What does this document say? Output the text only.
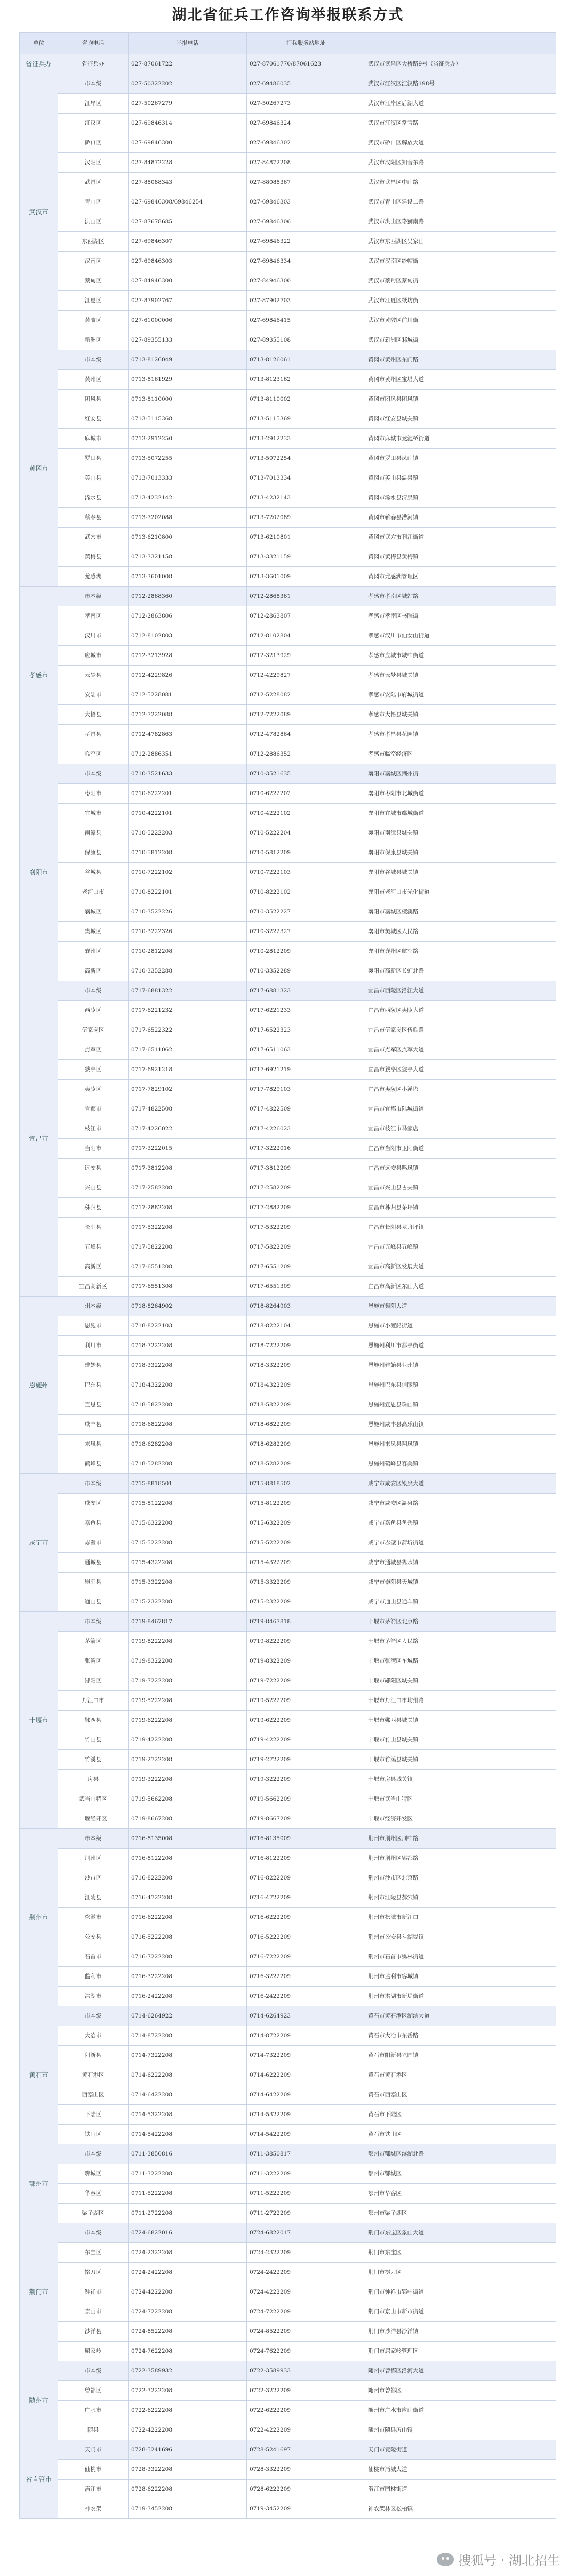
湖北省征兵工作咨询举报联系方式
单位	咨询电话	举报电话	征兵服务站地址	
省征兵办	省征兵办	027-87061722	027-87061770/87061623	武汉市武昌区大桥路9号（省征兵办）
武汉市	市本级	027-50322202	027-69486035	武汉市江汉区江汉路198号
	江岸区	027-50267279	027-50267273	武汉市江岸区后湖大道
	江汉区	027-69846314	027-69846324	武汉市江汉区常青路
	硚口区	027-69846300	027-69846302	武汉市硚口区解放大道
	汉阳区	027-84872228	027-84872208	武汉市汉阳区知音东路
	武昌区	027-88088343	027-88088367	武汉市武昌区中山路
	青山区	027-69846308/69846254	027-69846303	武汉市青山区建设二路
	洪山区	027-87678685	027-69846306	武汉市洪山区珞狮南路
	东西湖区	027-69846307	027-69846322	武汉市东西湖区吴家山
	汉南区	027-69846303	027-69846334	武汉市汉南区纱帽街
	蔡甸区	027-84946300	027-84946300	武汉市蔡甸区蔡甸街
	江夏区	027-87902767	027-87902703	武汉市江夏区纸坊街
	黄陂区	027-61000006	027-69846415	武汉市黄陂区前川街
	新洲区	027-89355133	027-89355108	武汉市新洲区邾城街
黄冈市	市本级	0713-8126049	0713-8126061	黄冈市黄州区东门路
	黄州区	0713-8161929	0713-8123162	黄冈市黄州区宝塔大道
	团风县	0713-8110000	0713-8110002	黄冈市团风县团风镇
	红安县	0713-5115368	0713-5115369	黄冈市红安县城关镇
	麻城市	0713-2912250	0713-2912233	黄冈市麻城市龙池桥街道
	罗田县	0713-5072255	0713-5072254	黄冈市罗田县凤山镇
	英山县	0713-7013333	0713-7013334	黄冈市英山县温泉镇
	浠水县	0713-4232142	0713-4232143	黄冈市浠水县清泉镇
	蕲春县	0713-7202088	0713-7202089	黄冈市蕲春县漕河镇
	武穴市	0713-6210800	0713-6210801	黄冈市武穴市刊江街道
	黄梅县	0713-3321158	0713-3321159	黄冈市黄梅县黄梅镇
	龙感湖	0713-3601008	0713-3601009	黄冈市龙感湖管理区
孝感市	市本级	0712-2868360	0712-2868361	孝感市孝南区城站路
	孝南区	0712-2863806	0712-2863807	孝感市孝南区书院街
	汉川市	0712-8102803	0712-8102804	孝感市汉川市仙女山街道
	应城市	0712-3213928	0712-3213929	孝感市应城市城中街道
	云梦县	0712-4229826	0712-4229827	孝感市云梦县城关镇
	安陆市	0712-5228081	0712-5228082	孝感市安陆市府城街道
	大悟县	0712-7222088	0712-7222089	孝感市大悟县城关镇
	孝昌县	0712-4782863	0712-4782864	孝感市孝昌县花园镇
	临空区	0712-2886351	0712-2886352	孝感市临空经济区
襄阳市	市本级	0710-3521633	0710-3521635	襄阳市襄城区荆州街
	枣阳市	0710-6222201	0710-6222202	襄阳市枣阳市北城街道
	宜城市	0710-4222101	0710-4222102	襄阳市宜城市鄢城街道
	南漳县	0710-5222203	0710-5222204	襄阳市南漳县城关镇
	保康县	0710-5812208	0710-5812209	襄阳市保康县城关镇
	谷城县	0710-7222102	0710-7222103	襄阳市谷城县城关镇
	老河口市	0710-8222101	0710-8222102	襄阳市老河口市光化街道
	襄城区	0710-3522226	0710-3522227	襄阳市襄城区檀溪路
	樊城区	0710-3222326	0710-3222327	襄阳市樊城区人民路
	襄州区	0710-2812208	0710-2812209	襄阳市襄州区航空路
	高新区	0710-3352288	0710-3352289	襄阳市高新区长虹北路
宜昌市	市本级	0717-6881322	0717-6881323	宜昌市西陵区沿江大道
	西陵区	0717-6221232	0717-6221233	宜昌市西陵区夷陵大道
	伍家岗区	0717-6522322	0717-6522323	宜昌市伍家岗区伍临路
	点军区	0717-6511062	0717-6511063	宜昌市点军区点军大道
	猇亭区	0717-6921218	0717-6921219	宜昌市猇亭区猇亭大道
	夷陵区	0717-7829102	0717-7829103	宜昌市夷陵区小溪塔
	宜都市	0717-4822508	0717-4822509	宜昌市宜都市陆城街道
	枝江市	0717-4226022	0717-4226023	宜昌市枝江市马家店
	当阳市	0717-3222015	0717-3222016	宜昌市当阳市玉阳街道
	远安县	0717-3812208	0717-3812209	宜昌市远安县鸣凤镇
	兴山县	0717-2582208	0717-2582209	宜昌市兴山县古夫镇
	秭归县	0717-2882208	0717-2882209	宜昌市秭归县茅坪镇
	长阳县	0717-5322208	0717-5322209	宜昌市长阳县龙舟坪镇
	五峰县	0717-5822208	0717-5822209	宜昌市五峰县五峰镇
	高新区	0717-6551208	0717-6551209	宜昌市高新区发展大道
	宜昌高新区	0717-6551308	0717-6551309	宜昌市高新区东山大道
恩施州	州本级	0718-8264902	0718-8264903	恩施市舞阳大道
	恩施市	0718-8222103	0718-8222104	恩施市小渡船街道
	利川市	0718-7222208	0718-7222209	恩施州利川市都亭街道
	建始县	0718-3322208	0718-3322209	恩施州建始县业州镇
	巴东县	0718-4322208	0718-4322209	恩施州巴东县信陵镇
	宣恩县	0718-5822208	0718-5822209	恩施州宣恩县珠山镇
	咸丰县	0718-6822208	0718-6822209	恩施州咸丰县高乐山镇
	来凤县	0718-6282208	0718-6282209	恩施州来凤县翔凤镇
	鹤峰县	0718-5282208	0718-5282209	恩施州鹤峰县容美镇
咸宁市	市本级	0715-8818501	0715-8818502	咸宁市咸安区银泉大道
	咸安区	0715-8122208	0715-8122209	咸宁市咸安区温泉路
	嘉鱼县	0715-6322208	0715-6322209	咸宁市嘉鱼县鱼岳镇
	赤壁市	0715-5222208	0715-5222209	咸宁市赤壁市蒲圻街道
	通城县	0715-4322208	0715-4322209	咸宁市通城县隽水镇
	崇阳县	0715-3322208	0715-3322209	咸宁市崇阳县天城镇
	通山县	0715-2322208	0715-2322209	咸宁市通山县通羊镇
十堰市	市本级	0719-8467817	0719-8467818	十堰市茅箭区北京路
	茅箭区	0719-8222208	0719-8222209	十堰市茅箭区人民路
	张湾区	0719-8322208	0719-8322209	十堰市张湾区车城路
	郧阳区	0719-7222208	0719-7222209	十堰市郧阳区城关镇
	丹江口市	0719-5222208	0719-5222209	十堰市丹江口市均州路
	郧西县	0719-6222208	0719-6222209	十堰市郧西县城关镇
	竹山县	0719-4222208	0719-4222209	十堰市竹山县城关镇
	竹溪县	0719-2722208	0719-2722209	十堰市竹溪县城关镇
	房县	0719-3222208	0719-3222209	十堰市房县城关镇
	武当山特区	0719-5662208	0719-5662209	十堰市武当山特区
	十堰经开区	0719-8667208	0719-8667209	十堰市经济开发区
荆州市	市本级	0716-8135008	0716-8135009	荆州市荆州区荆中路
	荆州区	0716-8122208	0716-8122209	荆州市荆州区郢都路
	沙市区	0716-8222208	0716-8222209	荆州市沙市区北京路
	江陵县	0716-4722208	0716-4722209	荆州市江陵县郝穴镇
	松滋市	0716-6222208	0716-6222209	荆州市松滋市新江口
	公安县	0716-5222208	0716-5222209	荆州市公安县斗湖堤镇
	石首市	0716-7222208	0716-7222209	荆州市石首市绣林街道
	监利市	0716-3222208	0716-3222209	荆州市监利市容城镇
	洪湖市	0716-2422208	0716-2422209	荆州市洪湖市新堤街道
黄石市	市本级	0714-6264922	0714-6264923	黄石市黄石港区湖滨大道
	大冶市	0714-8722208	0714-8722209	黄石市大冶市东岳路
	阳新县	0714-7322208	0714-7322209	黄石市阳新县兴国镇
	黄石港区	0714-6222208	0714-6222209	黄石市黄石港区
	西塞山区	0714-6422208	0714-6422209	黄石市西塞山区
	下陆区	0714-5322208	0714-5322209	黄石市下陆区
	铁山区	0714-5422208	0714-5422209	黄石市铁山区
鄂州市	市本级	0711-3850816	0711-3850817	鄂州市鄂城区滨湖北路
	鄂城区	0711-3222208	0711-3222209	鄂州市鄂城区
	华容区	0711-5222208	0711-5222209	鄂州市华容区
	梁子湖区	0711-2722208	0711-2722209	鄂州市梁子湖区
荆门市	市本级	0724-6822016	0724-6822017	荆门市东宝区象山大道
	东宝区	0724-2322208	0724-2322209	荆门市东宝区
	掇刀区	0724-2422208	0724-2422209	荆门市掇刀区
	钟祥市	0724-4222208	0724-4222209	荆门市钟祥市郢中街道
	京山市	0724-7222208	0724-7222209	荆门市京山市新市街道
	沙洋县	0724-8522208	0724-8522209	荆门市沙洋县沙洋镇
	屈家岭	0724-7622208	0724-7622209	荆门市屈家岭管理区
随州市	市本级	0722-3589932	0722-3589933	随州市曾都区沿河大道
	曾都区	0722-3222208	0722-3222209	随州市曾都区
	广水市	0722-6222208	0722-6222209	随州市广水市应山街道
	随县	0722-4222208	0722-4222209	随州市随县厉山镇
省直管市	天门市	0728-5241696	0728-5241697	天门市竟陵街道
	仙桃市	0728-3322208	0728-3322209	仙桃市沔城大道
	潜江市	0728-6222208	0728-6222209	潜江市园林街道
	神农架	0719-3452208	0719-3452209	神农架林区松柏镇
搜狐号 · 湖北招生
